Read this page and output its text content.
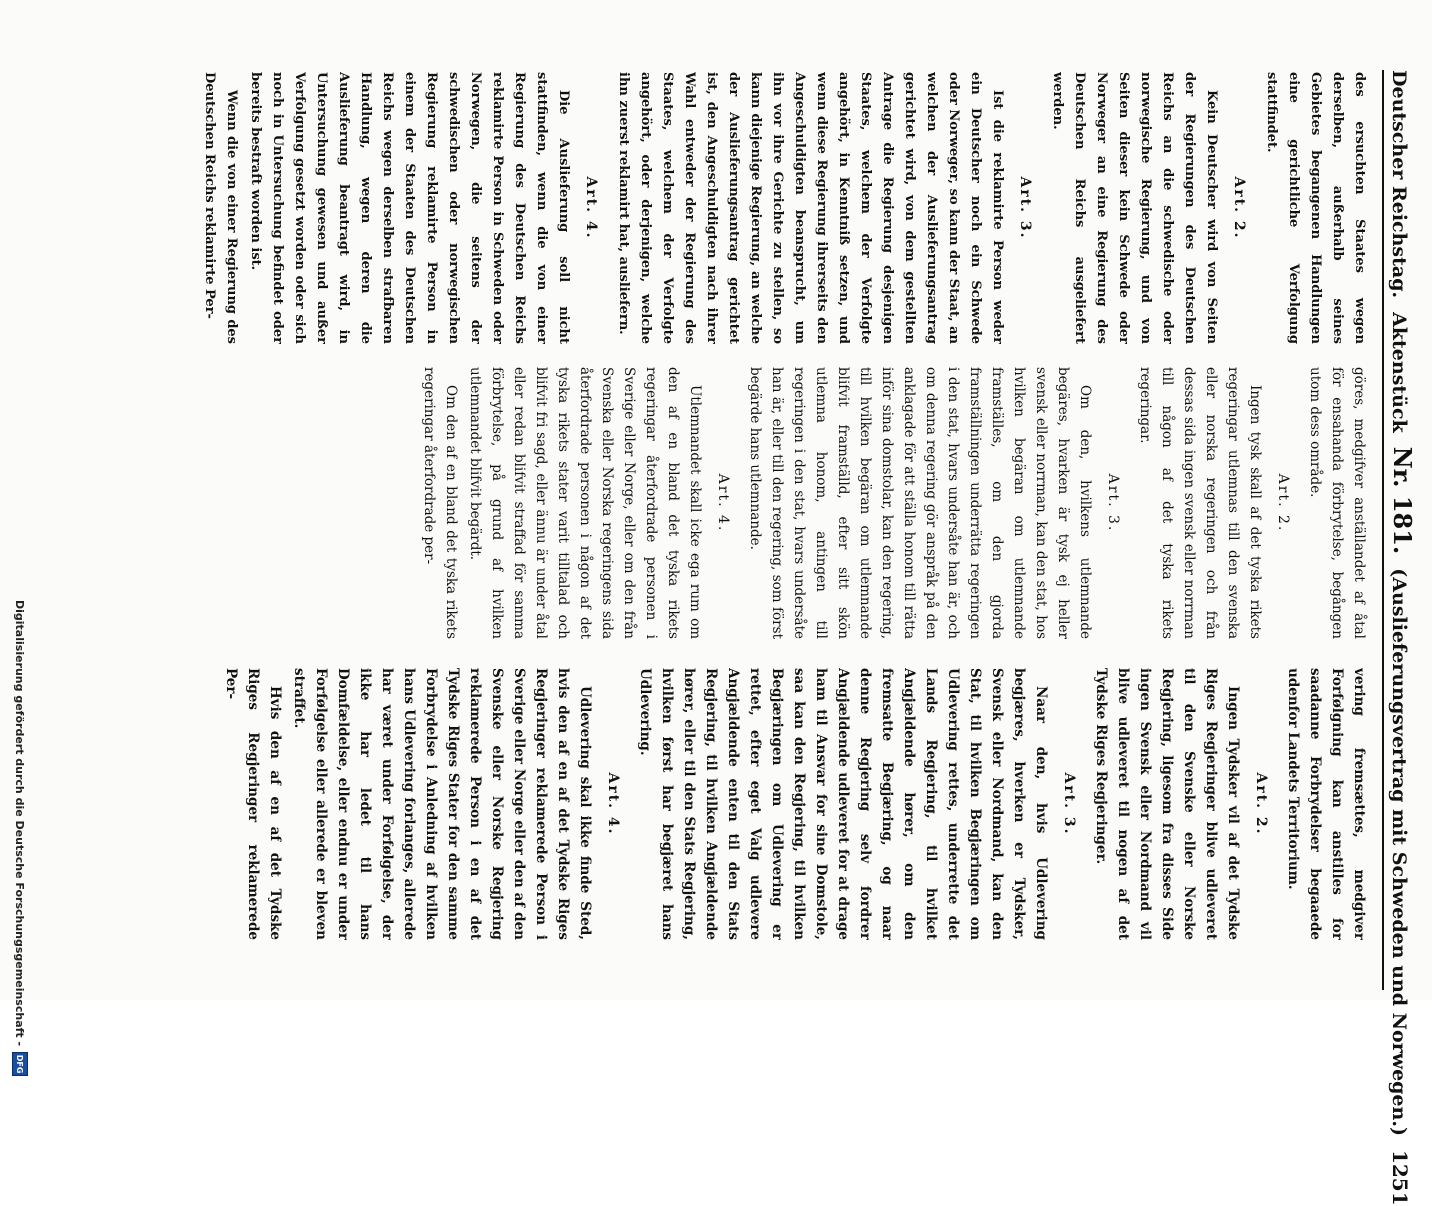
Deutscher Reichstag.
Aktenstück
Nr. 181.
(Auslieferungsvertrag mit Schweden und Norwegen.)
1251

des ersuchten Staates wegen derselben, außerhalb seines Gebietes begangenen Handlungen eine gerichtliche Verfolgung stattfindet.

Art. 2.

Kein Deutscher wird von Seiten der Regierungen des Deutschen Reichs an die schwedische oder norwegische Regierung, und von Seiten dieser kein Schwede oder Norweger an eine Regierung des Deutschen Reichs ausgeliefert werden.

Art. 3.

Ist die reklamirte Person weder ein Deutscher noch ein Schwede oder Norweger, so kann der Staat, an welchen der Auslieferungsantrag gerichtet wird, von dem gestellten Antrage die Regierung desjenigen Staates, welchem der Verfolgte angehört, in Kenntniß setzen, und wenn diese Regierung ihrerseits den Angeschuldigten beansprucht, um ihn vor ihre Gerichte zu stellen, so kann diejenige Regierung, an welche der Auslieferungsantrag gerichtet ist, den Angeschuldigten nach ihrer Wahl entweder der Regierung des Staates, welchem der Verfolgte angehört, oder derjenigen, welche ihn zuerst reklamirt hat, ausliefern.

Art. 4.

Die Auslieferung soll nicht stattfinden, wenn die von einer Regierung des Deutschen Reichs reklamirte Person in Schweden oder Norwegen, die seitens der schwedischen oder norwegischen Regierung reklamirte Person in einem der Staaten des Deutschen Reichs wegen derselben strafbaren Handlung, wegen deren die Auslieferung beantragt wird, in Untersuchung gewesen und außer Verfolgung gesetzt worden oder sich noch in Untersuchung befindet oder bereits bestraft worden ist.

Wenn die von einer Regierung des Deutschen Reichs reklamirte Per-

göres, medgifver anställandet af åtal för ensahanda förbrytelse, begången utom dess område.

Art. 2.

Ingen tysk skall af det tyska rikets regeringar utlemnas till den svenska eller norska regeringen och från dessas sida ingen svensk eller norrman till någon af det tyska rikets regeringar.

Art. 3.

Om den, hvilkens utlemnande begäres, hvarken är tysk ej heller svensk eller norrman, kan den stat, hos hvilken begäran om utlemnande framställes, om den gjorda framställningen underrätta regeringen i den stat, hvars undersåte han är, och om denna regering gör anspråk på den anklagade för att ställa honom till rätta inför sina domstolar, kan den regering, till hvilken begäran om utlemnande blifvit framställd, efter sitt skön utlemna honom, antingen till regeringen i den stat, hvars undersåte han är, eller till den regering, som först begärde hans utlemnande.

Art. 4.

Utlemnandet skall icke ega rum om den af en bland det tyska rikets regeringar återfordrade personen i Sverige eller Norge, eller om den från Svenska eller Norska regeringens sida återfordrade personen i någon af det tyska rikets stater varit tilltalad och blifvit fri sagd, eller ännu är under åtal eller redan blifvit straffad för samma förbrytelse, på grund af hvilken utlemnandet blifvit begärdt.

Om den af en bland det tyska rikets regeringar återfordrade per-

vering fremsættes, medgiver Forfølgning kan anstilles for saadanne Forbrydelser begaaede udenfor Landets Territorium.

Art. 2.

Ingen Tydsker vil af det Tydske Riges Regjeringer blive udleveret til den Svenske eller Norske Regjering, ligesom fra disses Side ingen Svensk eller Nordmand vil blive udleveret til nogen af det Tydske Riges Regjeringer.

Art. 3.

Naar den, hvis Udlevering begjæres, hverken er Tydsker, Svensk eller Nordmand, kan den Stat, til hvilken Begjæringen om Udlevering rettes, underrette det Lands Regjering, til hvilket Angjældende hører, om den fremsatte Begjæring, og naar denne Regjering selv fordrer Angjældende udleveret for at drage ham til Ansvar for sine Domstole, saa kan den Regjering, til hvilken Begjæringen om Udlevering er rettet, efter eget Valg udlevere Angjældende enten til den Stats Regjering, til hvilken Angjældende hører, eller til den Stats Regjering, hvilken først har begjæret hans Udlevering.

Art. 4.

Udlevering skal ikke finde Sted, hvis den af en af det Tydske Riges Regjeringer reklamerede Person i Sverige eller Norge eller den af den Svenske eller Norske Regjering reklamerede Person i en af det Tydske Riges Stater for den samme Forbrydelse i Anledning af hvilken hans Udlevering forlanges, allerede har været under Forfølgelse, der ikke har ledet til hans Domfældelse, eller endnu er under Forfølgelse eller allerede er bleven straffet.

Hvis den af en af det Tydske Riges Regjeringer reklamerede Per-

Digitalisierung gefördert durch die Deutsche Forschungsgemeinschaft -
DFG
